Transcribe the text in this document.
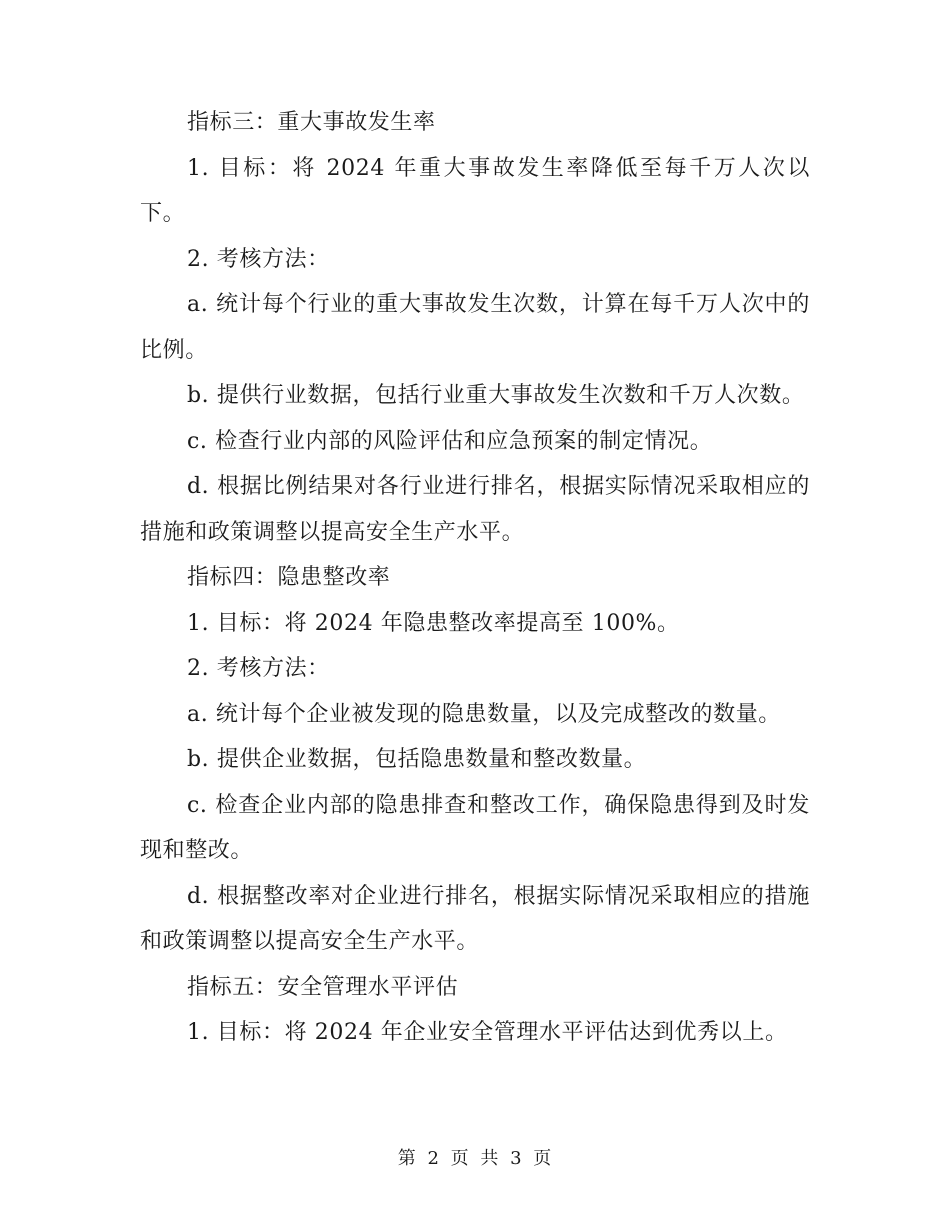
指标三：重大事故发生率

1. 目标：将 2024 年重大事故发生率降低至每千万人次以下。

2. 考核方法：

a. 统计每个行业的重大事故发生次数，计算在每千万人次中的比例。

b. 提供行业数据，包括行业重大事故发生次数和千万人次数。

c. 检查行业内部的风险评估和应急预案的制定情况。

d. 根据比例结果对各行业进行排名，根据实际情况采取相应的措施和政策调整以提高安全生产水平。

指标四：隐患整改率

1. 目标：将 2024 年隐患整改率提高至 100%。

2. 考核方法：

a. 统计每个企业被发现的隐患数量，以及完成整改的数量。

b. 提供企业数据，包括隐患数量和整改数量。

c. 检查企业内部的隐患排查和整改工作，确保隐患得到及时发现和整改。

d. 根据整改率对企业进行排名，根据实际情况采取相应的措施和政策调整以提高安全生产水平。

指标五：安全管理水平评估

1. 目标：将 2024 年企业安全管理水平评估达到优秀以上。

第 2 页 共 3 页
